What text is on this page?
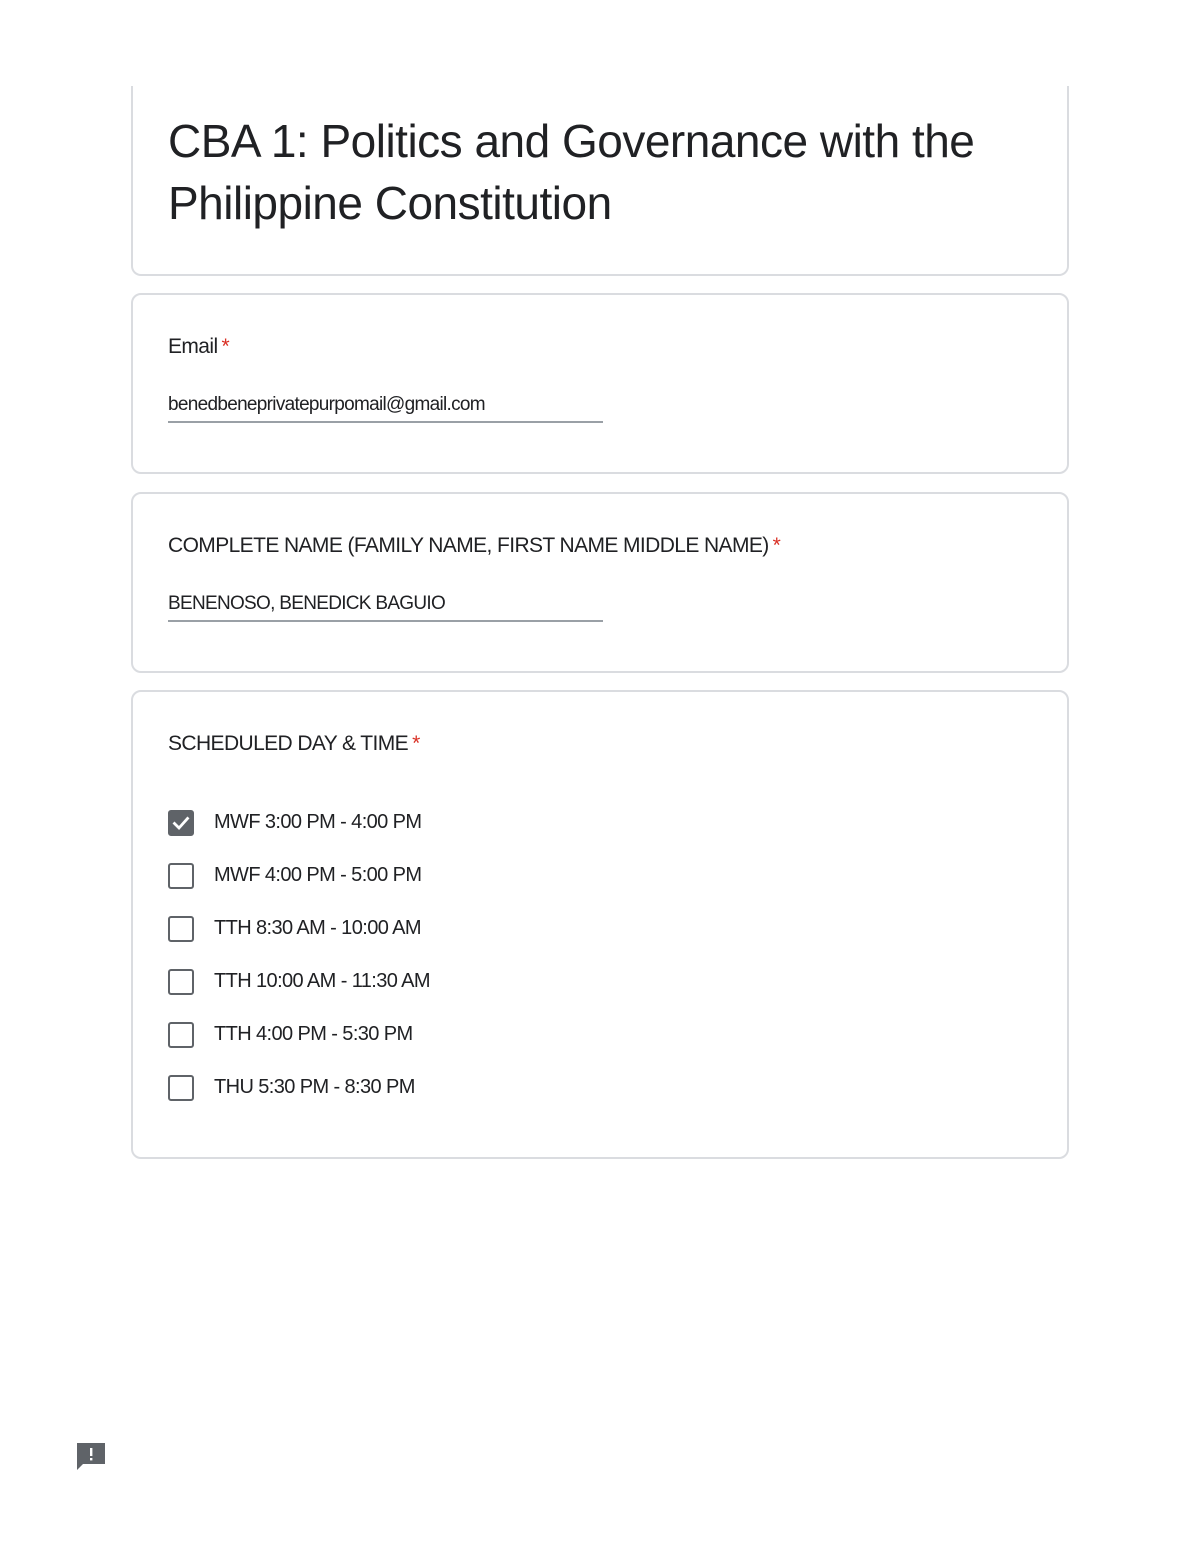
CBA 1: Politics and Governance with the Philippine Constitution
Email *
benedbeneprivatepurpomail@gmail.com
COMPLETE NAME (FAMILY NAME, FIRST NAME MIDDLE NAME) *
BENENOSO, BENEDICK BAGUIO
SCHEDULED DAY & TIME *
MWF 3:00 PM - 4:00 PM
MWF 4:00 PM - 5:00 PM
TTH 8:30 AM - 10:00 AM
TTH 10:00 AM - 11:30 AM
TTH 4:00 PM - 5:30 PM
THU 5:30 PM - 8:30 PM
